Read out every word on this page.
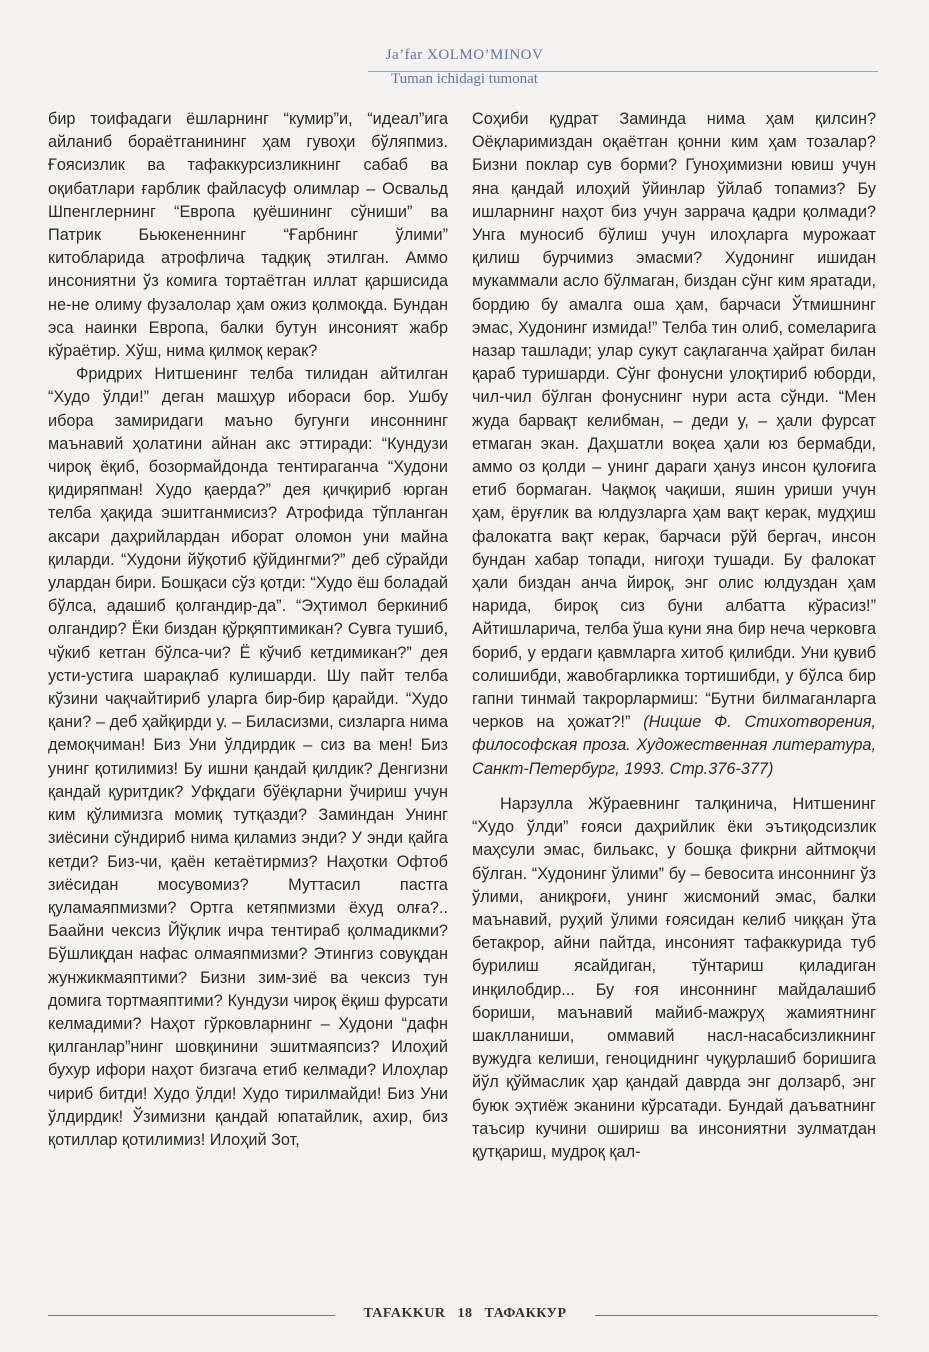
Ja’far XOLMO’MINOV
Tuman ichidagi tumonat

бир тоифадаги ёшларнинг “кумир”и, “идеал”ига айланиб бораётганининг ҳам гувоҳи бўляпмиз. Ғоясизлик ва тафаккурсизликнинг сабаб ва оқибатлари ғарблик файласуф олимлар – Освальд Шпенглернинг “Европа қуёшининг сўниши” ва Патрик Бьюкененнинг “Ғарбнинг ўлими” китобларида атрофлича тадқиқ этилган. Аммо инсониятни ўз комига тортаётган иллат қаршисида не-не олиму фузалолар ҳам ожиз қолмоқда. Бундан эса наинки Европа, балки бутун инсоният жабр кўраётир. Хўш, нима қилмоқ керак?

Фридрих Нитшенинг телба тилидан айтилган “Худо ўлди!” деган машҳур ибораси бор. Ушбу ибора замиридаги маъно бугунги инсоннинг маънавий ҳолатини айнан акс эттиради: “Кундузи чироқ ёқиб, бозормайдонда тентирaганча “Худони қидиряпман! Худо қаерда?” дея қичқириб юрган телба ҳақида эшитганмисиз? Атрофида тўпланган аксари даҳрийлардан иборат оломон уни майна қиларди. “Худони йўқотиб қўйдингми?” деб сўрайди улардан бири. Бошқаси сўз қотди: “Худо ёш боладай бўлса, адашиб қолгандир-да”. “Эҳтимол беркиниб олгандир? Ёки биздан қўрқяптимикан? Сувга тушиб, чўкиб кетган бўлса-чи? Ё кўчиб кетдимикан?” дея усти-устига шарақлаб кулишарди. Шу пайт телба кўзини чақчайтириб уларга бир-бир қарайди. “Худо қани? – деб ҳайқирди у. – Биласизми, сизларга нима демоқчиман! Биз Уни ўлдирдик – сиз ва мен! Биз унинг қотилимиз! Бу ишни қандай қилдик? Денгизни қандай қуритдик? Уфқдаги бўёқларни ўчириш учун ким қўлимизга момиқ тутқазди? Заминдан Унинг зиёсини сўндириб нима қиламиз энди? У энди қайга кетди? Биз-чи, қаён кетаётирмиз? Наҳотки Офтоб зиёсидан мосувомиз? Муттасил пастга қуламаяпмизми? Ортга кетяпмизми ёхуд олға?.. Баайни чексиз Йўқлик ичра тентираб қолмадикми? Бўшлиқдан нафас олмаяпмизми? Этингиз совуқдан жунжикмаяптими? Бизни зим-зиё ва чексиз тун домига тортмаяптими? Кундузи чироқ ёқиш фурсати келмадими? Наҳот гўрковларнинг – Худони “дафн қилганлар”нинг шовқинини эшитмаяпсиз? Илоҳий бухур ифори наҳот бизгача етиб келмади? Илоҳлар чириб битди! Худо ўлди! Худо тирилмайди! Биз Уни ўлдирдик! Ўзимизни қандай юпатайлик, ахир, биз қотиллар қотилимиз! Илоҳий Зот,

Соҳиби қудрат Заминда нима ҳам қилсин? Оёқларимиздан оқаётган қонни ким ҳам тозалар? Бизни поклар сув борми? Гуноҳимизни ювиш учун яна қандай илоҳий ўйинлар ўйлаб топамиз? Бу ишларнинг наҳот биз учун заррача қадри қолмади? Унга муносиб бўлиш учун илоҳларга мурожаат қилиш бурчимиз эмасми? Худонинг ишидан мукаммали асло бўлмаган, биздан сўнг ким яратади, бордию бу амалга оша ҳам, барчаси Ўтмишнинг эмас, Худонинг измида!” Телба тин олиб, сомеларига назар ташлади; улар сукут сақлаганча ҳайрат билан қараб туришарди. Сўнг фонусни улоқтириб юборди, чил-чил бўлган фонуснинг нури аста сўнди. “Мен жуда барвақт келибман, – деди у, – ҳали фурсат етмаган экан. Даҳшатли воқеа ҳали юз бермабди, аммо оз қолди – унинг дараги ҳануз инсон қулоғига етиб бормаган. Чақмоқ чақиши, яшин уриши учун ҳам, ёруғлик ва юлдузларга ҳам вақт керак, мудҳиш фалокатга вақт керак, барчаси рўй бергач, инсон бундан хабар топади, нигоҳи тушади. Бу фалокат ҳали биздан анча йироқ, энг олис юлдуздан ҳам нарида, бироқ сиз буни албатта кўрасиз!” Айтишларича, телба ўша куни яна бир неча черковга бориб, у ердаги қавмларга хитоб қилибди. Уни қувиб солишибди, жавобгарликка тортишибди, у бўлса бир гапни тинмай такрорлармиш: “Бутни билмаганларга черков на ҳожат?!” (Ницше Ф. Стихотворения, философская проза. Художественная литература, Санкт-Петербург, 1993. Стр.376-377)

Нарзулла Жўраевнинг талқинича, Нитшенинг “Худо ўлди” ғояси даҳрийлик ёки эътиқодсизлик маҳсули эмас, бильакс, у бошқа фикрни айтмоқчи бўлган. “Худонинг ўлими” бу – бевосита инсоннинг ўз ўлими, аниқроғи, унинг жисмоний эмас, балки маънавий, руҳий ўлими ғоясидан келиб чиққан ўта бетакрор, айни пайтда, инсоният тафаккурида туб бурилиш ясайдиган, тўнтариш қиладиган инқилобдир... Бу ғоя инсоннинг майдалашиб бориши, маънавий майиб-мажруҳ жамиятнинг шаклланиши, оммавий насл-насабсизликнинг вужудга келиши, геноциднинг чуқурлашиб боришига йўл қўймаслик ҳар қандай даврда энг долзарб, энг буюк эҳтиёж эканини кўрсатади. Бундай даъватнинг таъсир кучини ошириш ва инсониятни зулматдан қутқариш, мудроқ қал-

TAFAKKUR 18 ТАФАККУР
